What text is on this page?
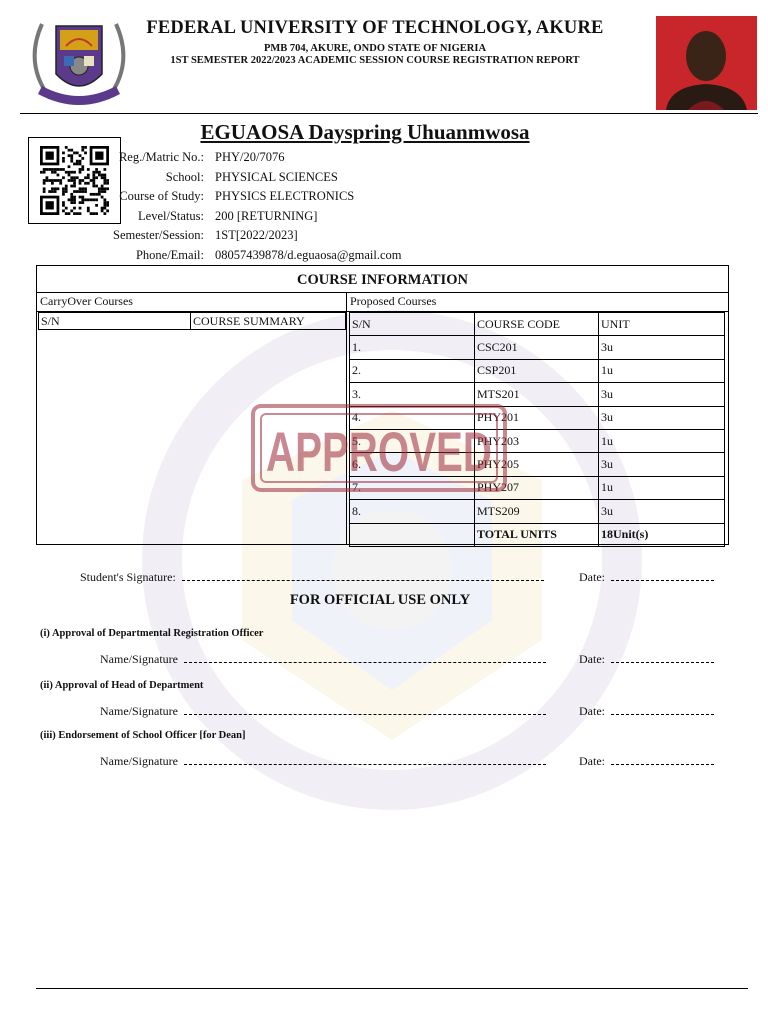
FEDERAL UNIVERSITY OF TECHNOLOGY, AKURE
PMB 704, AKURE, ONDO STATE OF NIGERIA
1ST SEMESTER 2022/2023 ACADEMIC SESSION COURSE REGISTRATION REPORT
EGUAOSA Dayspring Uhuanmwosa
Reg./Matric No.: PHY/20/7076
School: PHYSICAL SCIENCES
Course of Study: PHYSICS ELECTRONICS
Level/Status: 200 [RETURNING]
Semester/Session: 1ST[2022/2023]
Phone/Email: 08057439878/d.eguaosa@gmail.com
COURSE INFORMATION
CarryOver Courses	Proposed Courses
S/N	COURSE SUMMARY	S/N	COURSE CODE	UNIT
1.	CSC201	3u
2.	CSP201	1u
3.	MTS201	3u
4.	PHY201	3u
5.	PHY203	1u
6.	PHY205	3u
7.	PHY207	1u
8.	MTS209	3u
	TOTAL UNITS	18Unit(s)
APPROVED
Student's Signature:	Date:
FOR OFFICIAL USE ONLY
(i) Approval of Departmental Registration Officer
Name/Signature	Date:
(ii) Approval of Head of Department
Name/Signature	Date:
(iii) Endorsement of School Officer [for Dean]
Name/Signature	Date:
